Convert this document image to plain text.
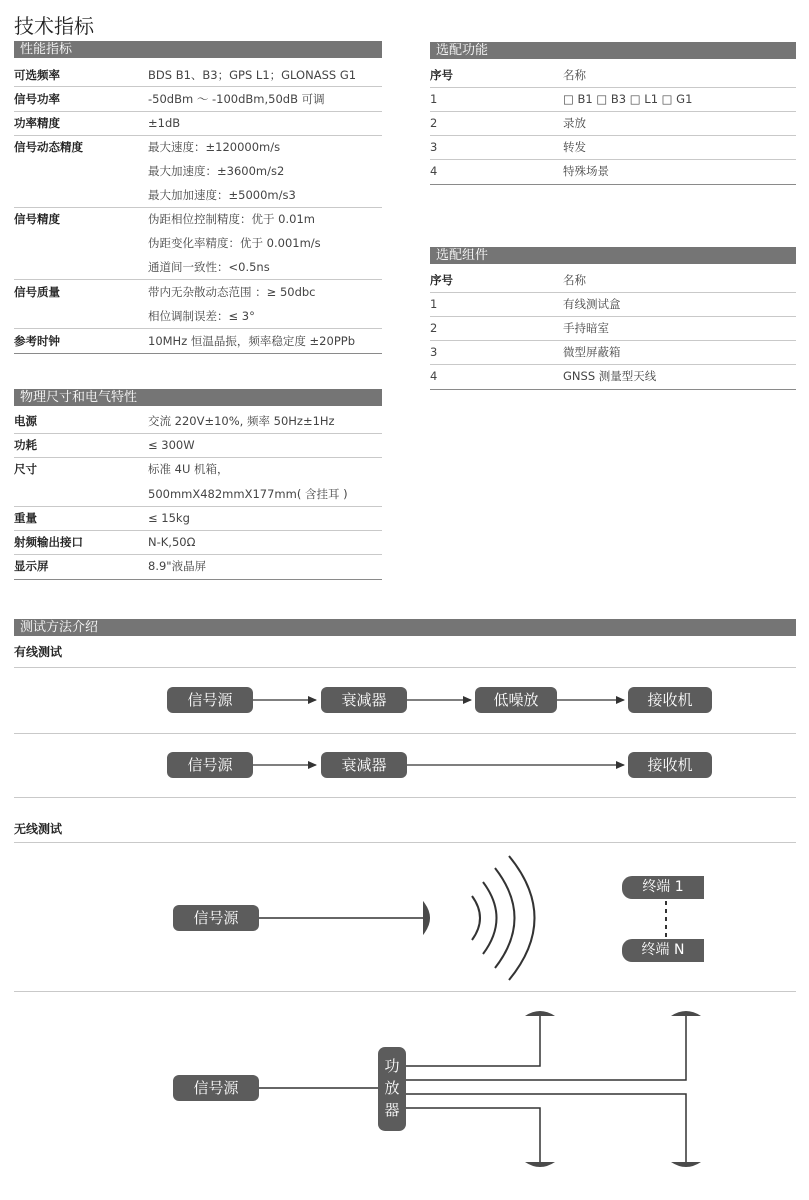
技术指标
性能指标
可选频率	BDS B1、B3；GPS L1；GLONASS G1
信号功率	-50dBm ～ -100dBm,50dB 可调
功率精度	±1dB
信号动态精度	最大速度：±120000m/s
最大加速度：±3600m/s2
最大加加速度：±5000m/s3
信号精度	伪距相位控制精度：优于 0.01m
伪距变化率精度：优于 0.001m/s
通道间一致性：<0.5ns
信号质量	带内无杂散动态范围 ：≥ 50dbc
相位调制误差：≤ 3°
参考时钟	10MHz 恒温晶振，频率稳定度 ±20PPb
物理尺寸和电气特性
电源	交流 220V±10%, 频率 50Hz±1Hz
功耗	≤ 300W
尺寸	标准 4U 机箱，
500mmX482mmX177mm( 含挂耳 )
重量	≤ 15kg
射频输出接口	N-K,50Ω
显示屏	8.9"液晶屏
选配功能
序号	名称
1	□ B1 □ B3 □ L1 □ G1
2	录放
3	转发
4	特殊场景
选配组件
序号	名称
1	有线测试盒
2	手持暗室
3	微型屏蔽箱
4	GNSS 测量型天线
测试方法介绍
有线测试
信号源	衰减器	低噪放	接收机
信号源	衰减器	接收机
无线测试
信号源
终端 1
终端 N
信号源
功
放
器
